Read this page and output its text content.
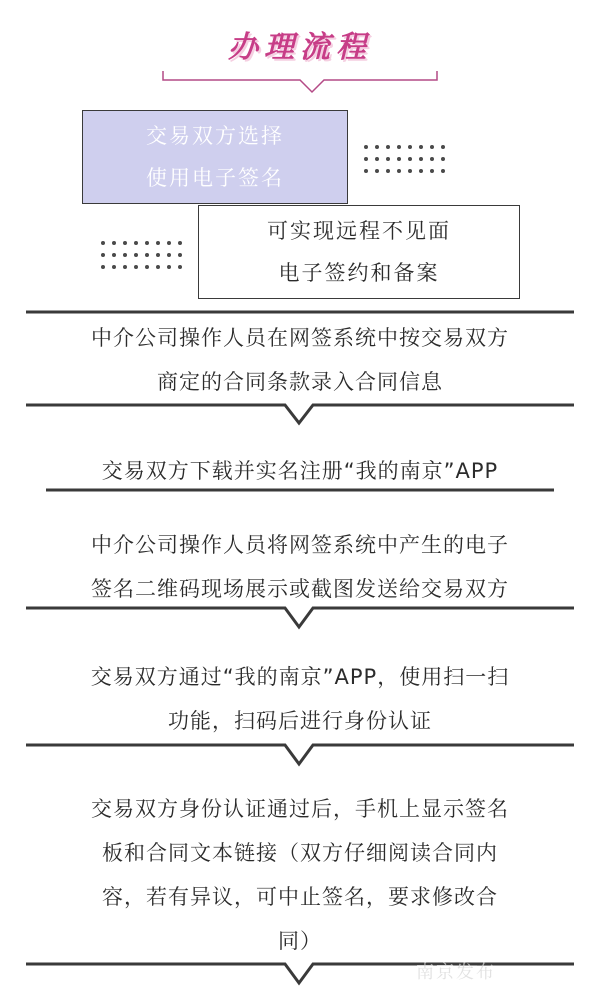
办理流程
交易双方选择
使用电子签名
可实现远程不见面
电子签约和备案
中介公司操作人员在网签系统中按交易双方
商定的合同条款录入合同信息
交易双方下载并实名注册“我的南京”APP
中介公司操作人员将网签系统中产生的电子
签名二维码现场展示或截图发送给交易双方
交易双方通过“我的南京”APP，使用扫一扫
功能，扫码后进行身份认证
交易双方身份认证通过后，手机上显示签名
板和合同文本链接（双方仔细阅读合同内
容，若有异议，可中止签名，要求修改合
同）
南京发布
